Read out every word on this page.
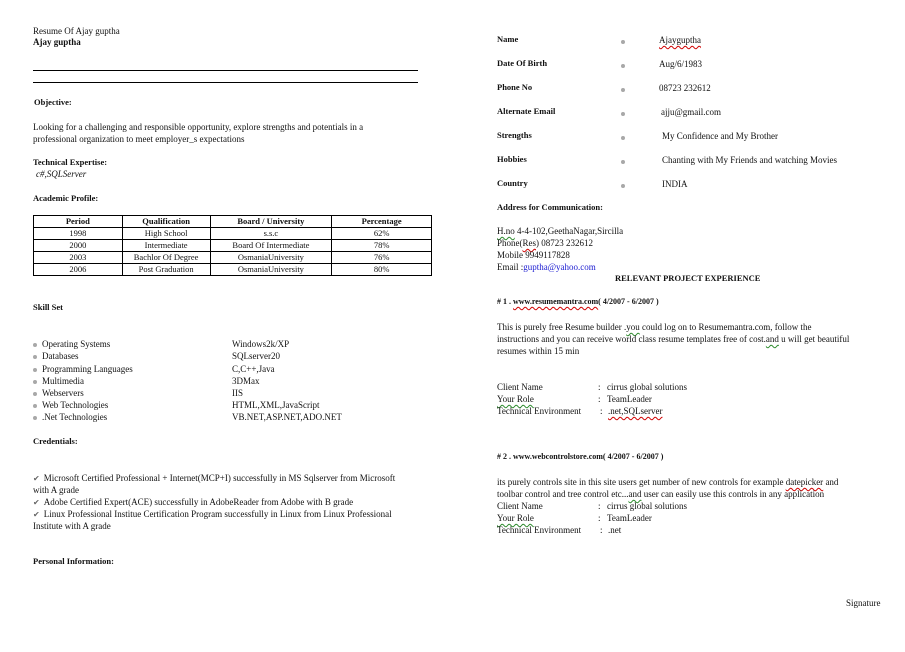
Resume Of Ajay guptha
Ajay guptha
Objective:
Looking for a challenging and responsible opportunity, explore strengths and potentials in a
professional organization to meet employer_s expectations
Technical Expertise:
c#,SQLServer
Academic Profile:
Period	Qualification	Board / University	Percentage
1998	High School	s.s.c	62%
2000	Intermediate	Board Of Intermediate	78%
2003	Bachlor Of Degree	OsmaniaUniversity	76%
2006	Post Graduation	OsmaniaUniversity	80%
Skill Set
Operating Systems	Windows2k/XP
Databases	SQLserver20
Programming Languages	C,C++,Java
Multimedia	3DMax
Webservers	IIS
Web Technologies	HTML,XML,JavaScript
.Net Technologies	VB.NET,ASP.NET,ADO.NET
Credentials:
✔ Microsoft Certified Professional + Internet(MCP+I) successfully in MS Sqlserver from Microsoft
with A grade
✔ Adobe Certified Expert(ACE) successfully in AdobeReader from Adobe with B grade
✔ Linux Professional Institue Certification Program successfully in Linux from Linux Professional
Institute with A grade
Personal Information:
Name	Ajayguptha
Date Of Birth	Aug/6/1983
Phone No	08723 232612
Alternate Email	ajju@gmail.com
Strengths	My Confidence and My Brother
Hobbies	Chanting with My Friends and watching Movies
Country	INDIA
Address for Communication:
H.no 4-4-102,GeethaNagar,Sircilla
Phone(Res) 08723 232612
Mobile 9949117828
Email :guptha@yahoo.com
RELEVANT PROJECT EXPERIENCE
# 1 . www.resumemantra.com( 4/2007 - 6/2007 )
This is purely free Resume builder .you could log on to Resumemantra.com, follow the
instructions and you can receive world class resume templates free of cost.and u will get beautiful
resumes within 15 min
Client Name	: cirrus global solutions
Your Role	: TeamLeader
Technical Environment : .net,SQLserver
# 2 . www.webcontrolstore.com( 4/2007 - 6/2007 )
its purely controls site in this site users get number of new controls for example datepicker and
toolbar control and tree control etc...and user can easily use this controls in any application
Client Name	: cirrus global solutions
Your Role	: TeamLeader
Technical Environment : .net
Signature
